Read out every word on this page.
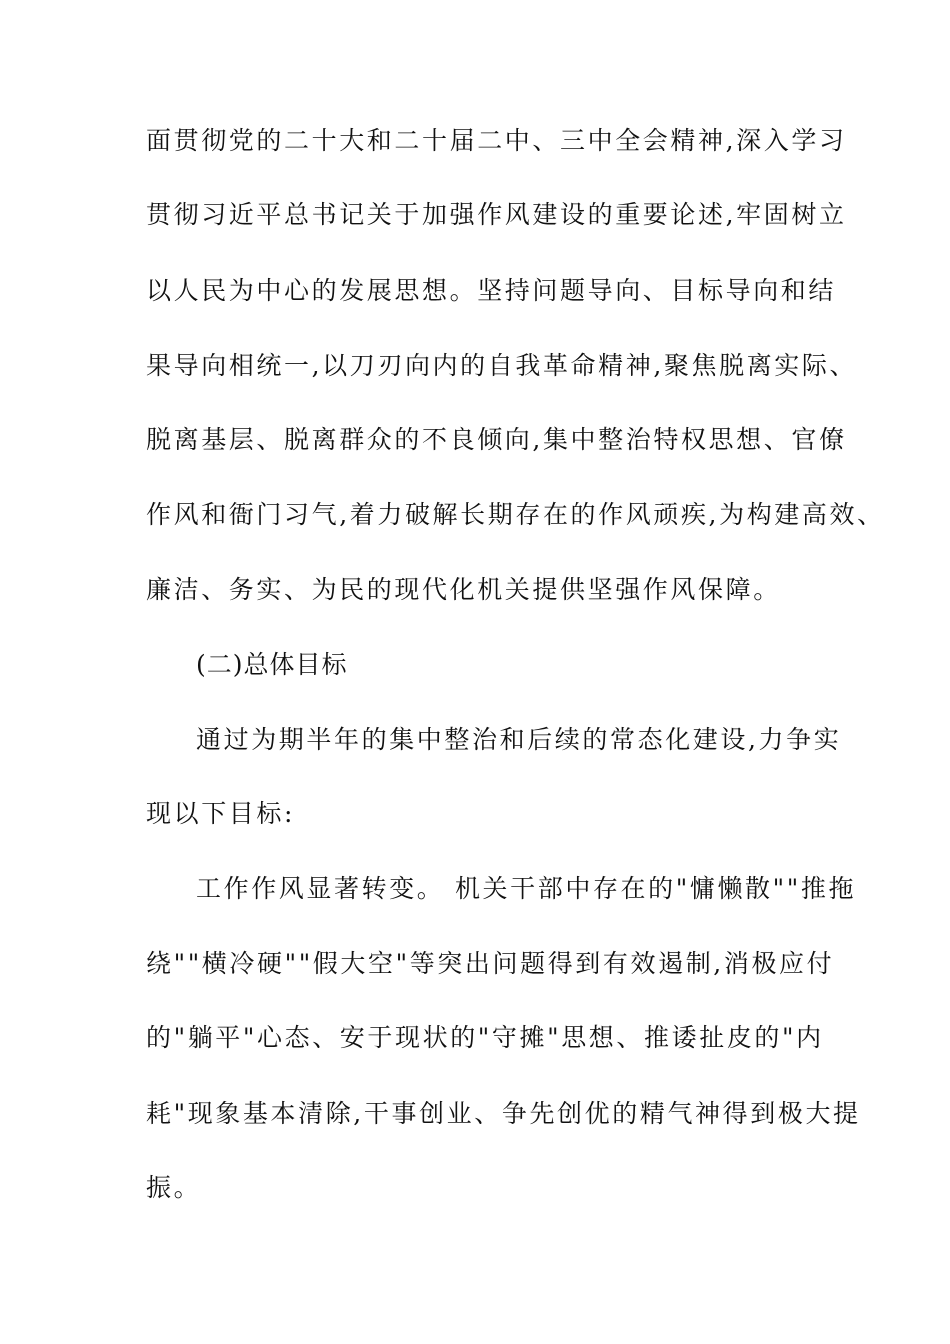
面贯彻党的二十大和二十届二中、三中全会精神,深入学习
贯彻习近平总书记关于加强作风建设的重要论述,牢固树立
以人民为中心的发展思想。坚持问题导向、目标导向和结
果导向相统一,以刀刃向内的自我革命精神,聚焦脱离实际、
脱离基层、脱离群众的不良倾向,集中整治特权思想、官僚
作风和衙门习气,着力破解长期存在的作风顽疾,为构建高效、
廉洁、务实、为民的现代化机关提供坚强作风保障。
(二)总体目标
通过为期半年的集中整治和后续的常态化建设,力争实
现以下目标:
工作作风显著转变。 机关干部中存在的"慵懒散""推拖
绕""横冷硬""假大空"等突出问题得到有效遏制,消极应付
的"躺平"心态、安于现状的"守摊"思想、推诿扯皮的"内
耗"现象基本清除,干事创业、争先创优的精气神得到极大提
振。
